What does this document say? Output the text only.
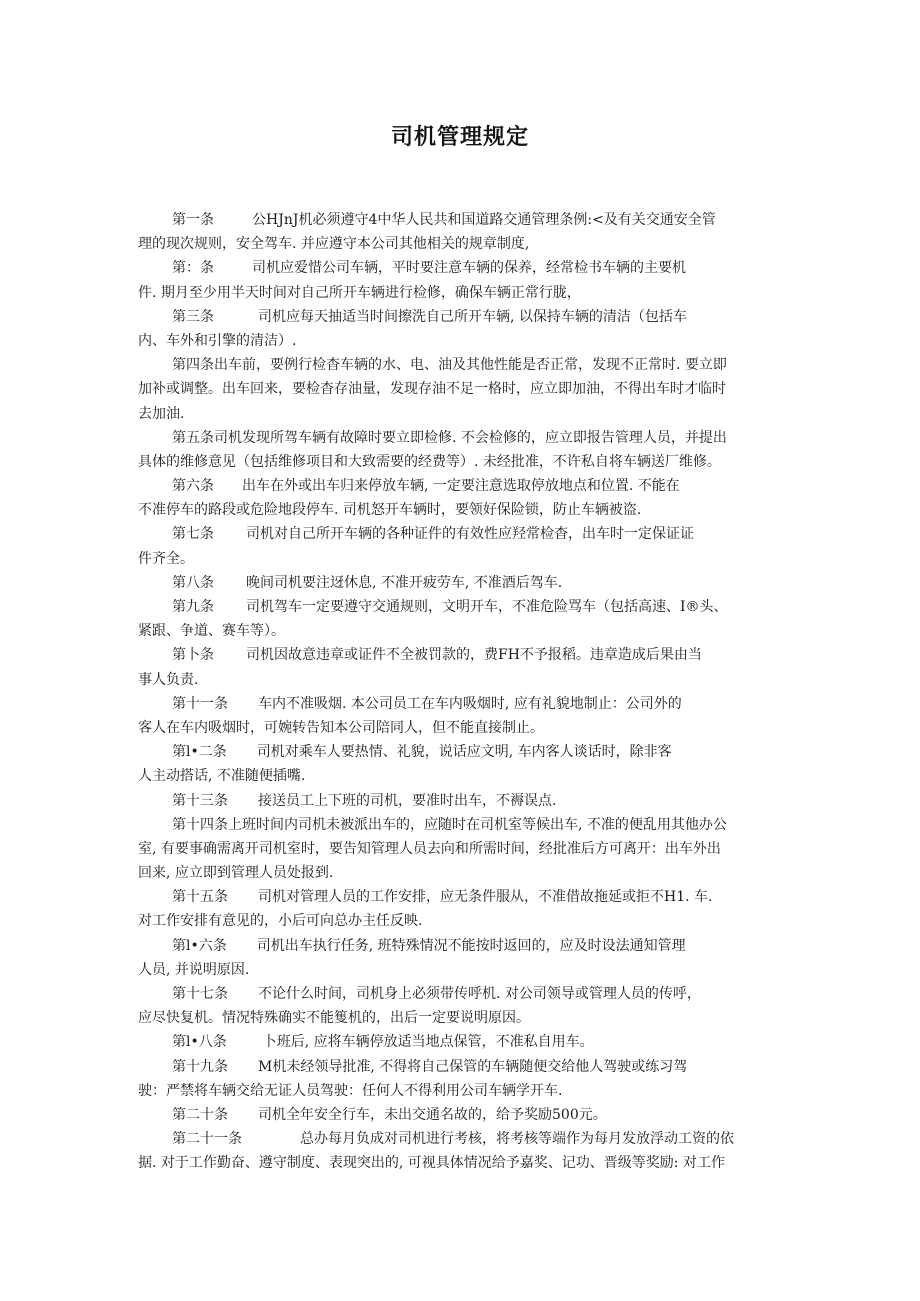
司机管理规定
第一条	公HJnJ机必须遵守4中华人民共和国道路交通管理条例:<及有关交通安全管
理的现次规则，安全驾车. 并应遵守本公司其他相关的规章制度,
第：条	司机应爱惜公司车辆，平时要注意车辆的保养，经常检书车辆的主要机
件. 期月至少用半天时间对自己所开车辆进行检修，确保车辆正常行胧，
第三条	司机应每天抽适当时间擦洗自己所开车辆, 以保持车辆的清洁（包括车
内、车外和引擎的清洁）.
第四条出车前，要例行检杳车辆的水、电、油及其他性能是否正常，发现不正常时. 要立即
加补或调整。出车回来，要检杳存油量，发现存油不足一格时，应立即加油，不得出车时才临时
去加油.
第五条司机发现所驾车辆有故障时要立即检修. 不会检修的，应立即报告管理人员，并提出
具体的维修意见（包括维修项目和大致需要的经费等）. 未经批准，不许私自将车辆送厂维修。
第六条 出车在外或出车归来停放车辆, 一定要注意选取停放地点和位置. 不能在
不准停车的路段或危险地段停车. 司机怒开车辆时，要领好保险锁，防止车辆被盗.
第七条 司机对自己所开车辆的各种证件的有效性应羟常检杳，出车时一定保证证
件齐全。
第八条 晚间司机要注迓休息, 不准开疲劳车, 不准酒后驾车.
第九条 司机驾车一定要遵守交通规则，文明开车，不准危险骂车（包括高速、I®头、
紧跟、争道、赛车等）。
第卜条 司机因故意违章或证件不全被罚款的，费FH不予报稻。违章造成后果由当
事人负责.
第十一条 车内不准吸烟. 本公司员工在车内吸烟时, 应有礼貌地制止：公司外的
客人在车内吸烟时，可婉转告知本公司陪同人，但不能直接制止。
第l•二条 司机对乘车人要热情、礼貌，说话应文明, 车内客人谈话时，除非客
人主动搭话, 不准随便插嘴.
第十三条 接送员工上下班的司机，要准时出车，不褥误点.
第十四条上班时间内司机未被派出车的，应随时在司机室等候出车, 不准的便乱用其他办公
室, 有要事确需离开司机室时，要告知管理人员去向和所需时间，经批准后方可离开：出车外出
回来, 应立即到管理人员处报到.
第十五条 司机对管理人员的工作安排，应无条件服从，不准借故拖延或拒不H1. 车.
对工作安排有意见的，小后可向总办主任反映.
第l•六条 司机出车执行任务, 班特殊情况不能按时返回的，应及时设法通知管理
人员, 并说明原因.
第十七条 不论什么时间，司机身上必须带传呼机. 对公司领导或管理人员的传呼，
应尽快复机。情况特殊确实不能篗机的，出后一定要说明原因。
第l•八条	卜班后, 应将车辆停放适当地点保管，不准私自用车。
第十九条 M机未经领导批准, 不得将自己保管的车辆随便交给他人驾驶或练习驾
驶：严禁将车辆交给无证人员驾驶：任何人不得利用公司车辆学开车.
第二十条 司机全年安全行车，未出交通名故的，给予奖励500元。
第二十一条	总办每月负成对司机进行考核，将考核等端作为每月发放浮动工资的依
据. 对于工作勤奋、遵守制度、表现突出的, 可视具体情况给予嘉奖、记功、晋级等奖励: 对工作
